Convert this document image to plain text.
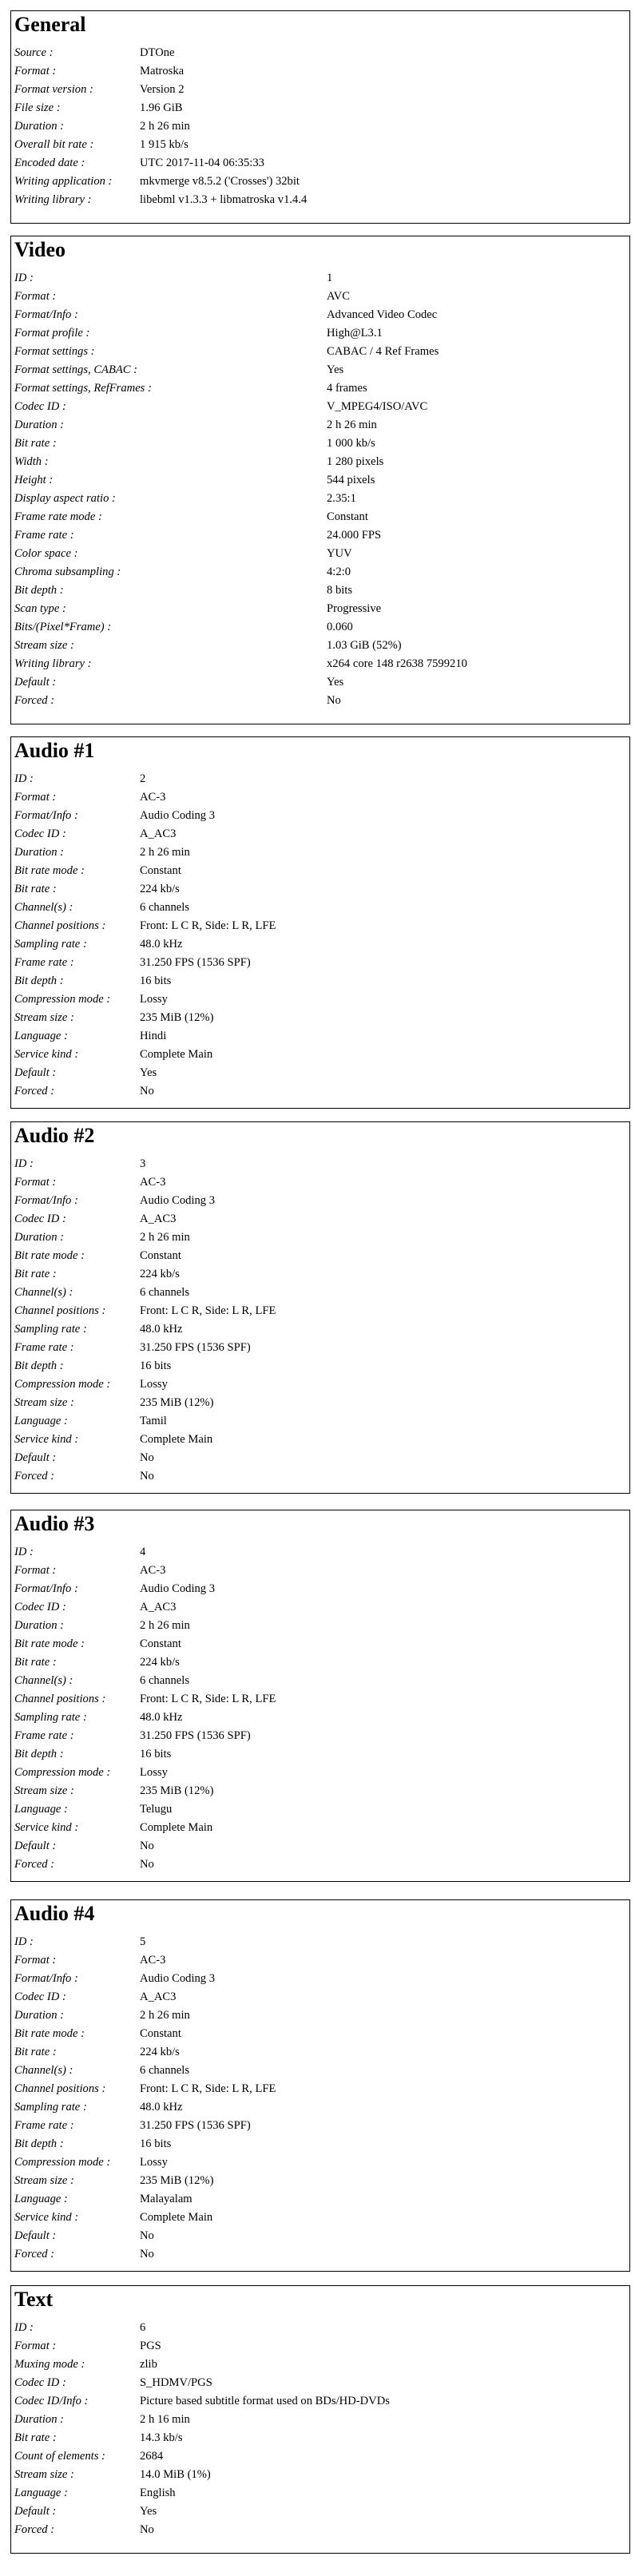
General
Source :	DTOne
Format :	Matroska
Format version :	Version 2
File size :	1.96 GiB
Duration :	2 h 26 min
Overall bit rate :	1 915 kb/s
Encoded date :	UTC 2017-11-04 06:35:33
Writing application :	mkvmerge v8.5.2 ('Crosses') 32bit
Writing library :	libebml v1.3.3 + libmatroska v1.4.4
Video
ID :	1
Format :	AVC
Format/Info :	Advanced Video Codec
Format profile :	High@L3.1
Format settings :	CABAC / 4 Ref Frames
Format settings, CABAC :	Yes
Format settings, RefFrames :	4 frames
Codec ID :	V_MPEG4/ISO/AVC
Duration :	2 h 26 min
Bit rate :	1 000 kb/s
Width :	1 280 pixels
Height :	544 pixels
Display aspect ratio :	2.35:1
Frame rate mode :	Constant
Frame rate :	24.000 FPS
Color space :	YUV
Chroma subsampling :	4:2:0
Bit depth :	8 bits
Scan type :	Progressive
Bits/(Pixel*Frame) :	0.060
Stream size :	1.03 GiB (52%)
Writing library :	x264 core 148 r2638 7599210
Default :	Yes
Forced :	No
Audio #1
ID :	2
Format :	AC-3
Format/Info :	Audio Coding 3
Codec ID :	A_AC3
Duration :	2 h 26 min
Bit rate mode :	Constant
Bit rate :	224 kb/s
Channel(s) :	6 channels
Channel positions :	Front: L C R, Side: L R, LFE
Sampling rate :	48.0 kHz
Frame rate :	31.250 FPS (1536 SPF)
Bit depth :	16 bits
Compression mode :	Lossy
Stream size :	235 MiB (12%)
Language :	Hindi
Service kind :	Complete Main
Default :	Yes
Forced :	No
Audio #2
ID :	3
Format :	AC-3
Format/Info :	Audio Coding 3
Codec ID :	A_AC3
Duration :	2 h 26 min
Bit rate mode :	Constant
Bit rate :	224 kb/s
Channel(s) :	6 channels
Channel positions :	Front: L C R, Side: L R, LFE
Sampling rate :	48.0 kHz
Frame rate :	31.250 FPS (1536 SPF)
Bit depth :	16 bits
Compression mode :	Lossy
Stream size :	235 MiB (12%)
Language :	Tamil
Service kind :	Complete Main
Default :	No
Forced :	No
Audio #3
ID :	4
Format :	AC-3
Format/Info :	Audio Coding 3
Codec ID :	A_AC3
Duration :	2 h 26 min
Bit rate mode :	Constant
Bit rate :	224 kb/s
Channel(s) :	6 channels
Channel positions :	Front: L C R, Side: L R, LFE
Sampling rate :	48.0 kHz
Frame rate :	31.250 FPS (1536 SPF)
Bit depth :	16 bits
Compression mode :	Lossy
Stream size :	235 MiB (12%)
Language :	Telugu
Service kind :	Complete Main
Default :	No
Forced :	No
Audio #4
ID :	5
Format :	AC-3
Format/Info :	Audio Coding 3
Codec ID :	A_AC3
Duration :	2 h 26 min
Bit rate mode :	Constant
Bit rate :	224 kb/s
Channel(s) :	6 channels
Channel positions :	Front: L C R, Side: L R, LFE
Sampling rate :	48.0 kHz
Frame rate :	31.250 FPS (1536 SPF)
Bit depth :	16 bits
Compression mode :	Lossy
Stream size :	235 MiB (12%)
Language :	Malayalam
Service kind :	Complete Main
Default :	No
Forced :	No
Text
ID :	6
Format :	PGS
Muxing mode :	zlib
Codec ID :	S_HDMV/PGS
Codec ID/Info :	Picture based subtitle format used on BDs/HD-DVDs
Duration :	2 h 16 min
Bit rate :	14.3 kb/s
Count of elements :	2684
Stream size :	14.0 MiB (1%)
Language :	English
Default :	Yes
Forced :	No
